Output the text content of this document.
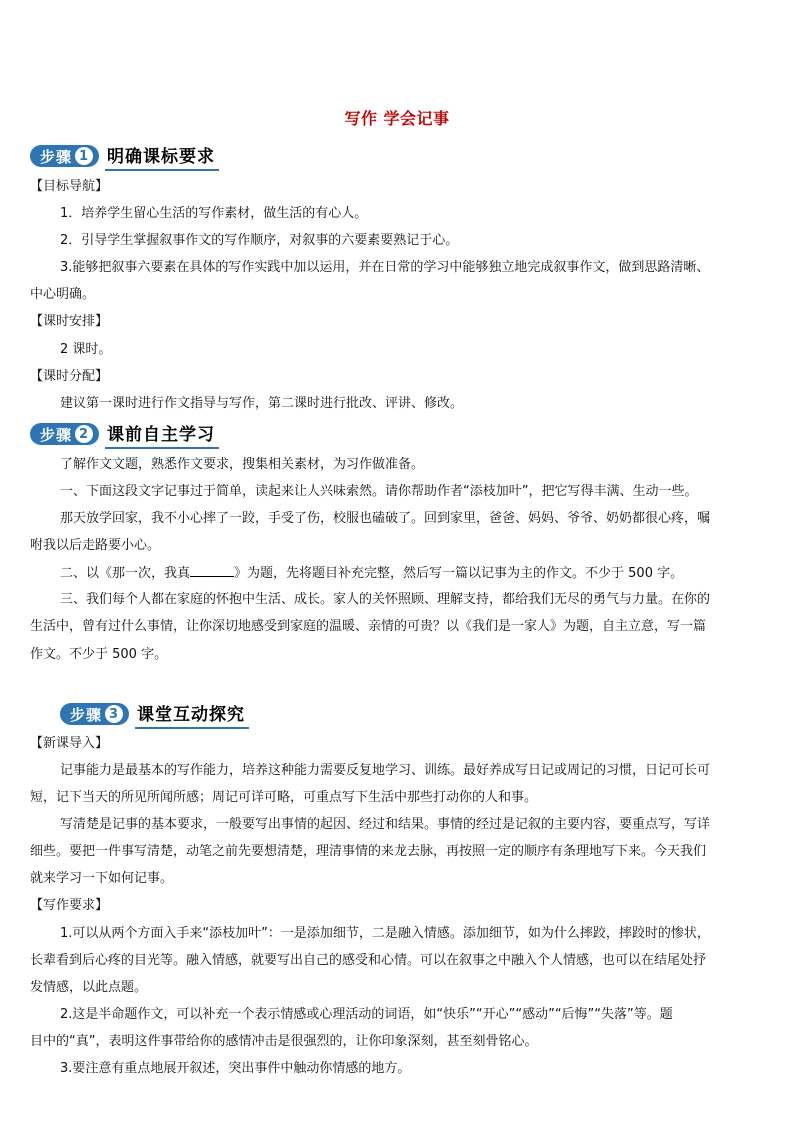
写作 学会记事
步骤 1 明确课标要求
【目标导航】
1．培养学生留心生活的写作素材，做生活的有心人。
2．引导学生掌握叙事作文的写作顺序，对叙事的六要素要熟记于心。
3.能够把叙事六要素在具体的写作实践中加以运用，并在日常的学习中能够独立地完成叙事作文，做到思路清晰、
中心明确。
【课时安排】
2 课时。
【课时分配】
建议第一课时进行作文指导与写作，第二课时进行批改、评讲、修改。
步骤 2 课前自主学习
了解作文文题，熟悉作文要求，搜集相关素材，为习作做准备。
一、下面这段文字记事过于简单，读起来让人兴味索然。请你帮助作者“添枝加叶”，把它写得丰满、生动一些。
那天放学回家，我不小心摔了一跤，手受了伤，校服也磕破了。回到家里，爸爸、妈妈、爷爷、奶奶都很心疼，嘱
咐我以后走路要小心。
二、以《那一次，我真	》为题，先将题目补充完整，然后写一篇以记事为主的作文。不少于 500 字。
三、我们每个人都在家庭的怀抱中生活、成长。家人的关怀照顾、理解支持，都给我们无尽的勇气与力量。在你的
生活中，曾有过什么事情，让你深切地感受到家庭的温暖、亲情的可贵？以《我们是一家人》为题，自主立意，写一篇
作文。不少于 500 字。
步骤 3 课堂互动探究
【新课导入】
记事能力是最基本的写作能力，培养这种能力需要反复地学习、训练。最好养成写日记或周记的习惯，日记可长可
短，记下当天的所见所闻所感；周记可详可略，可重点写下生活中那些打动你的人和事。
写清楚是记事的基本要求，一般要写出事情的起因、经过和结果。事情的经过是记叙的主要内容，要重点写，写详
细些。要把一件事写清楚，动笔之前先要想清楚，理清事情的来龙去脉，再按照一定的顺序有条理地写下来。今天我们
就来学习一下如何记事。
【写作要求】
1.可以从两个方面入手来“添枝加叶”：一是添加细节，二是融入情感。添加细节，如为什么摔跤，摔跤时的惨状，
长辈看到后心疼的目光等。融入情感，就要写出自己的感受和心情。可以在叙事之中融入个人情感，也可以在结尾处抒
发情感，以此点题。
2.这是半命题作文，可以补充一个表示情感或心理活动的词语，如“快乐”“开心”“感动”“后悔”“失落”等。题
目中的“真”，表明这件事带给你的感情冲击是很强烈的，让你印象深刻，甚至刻骨铭心。
3.要注意有重点地展开叙述，突出事件中触动你情感的地方。
